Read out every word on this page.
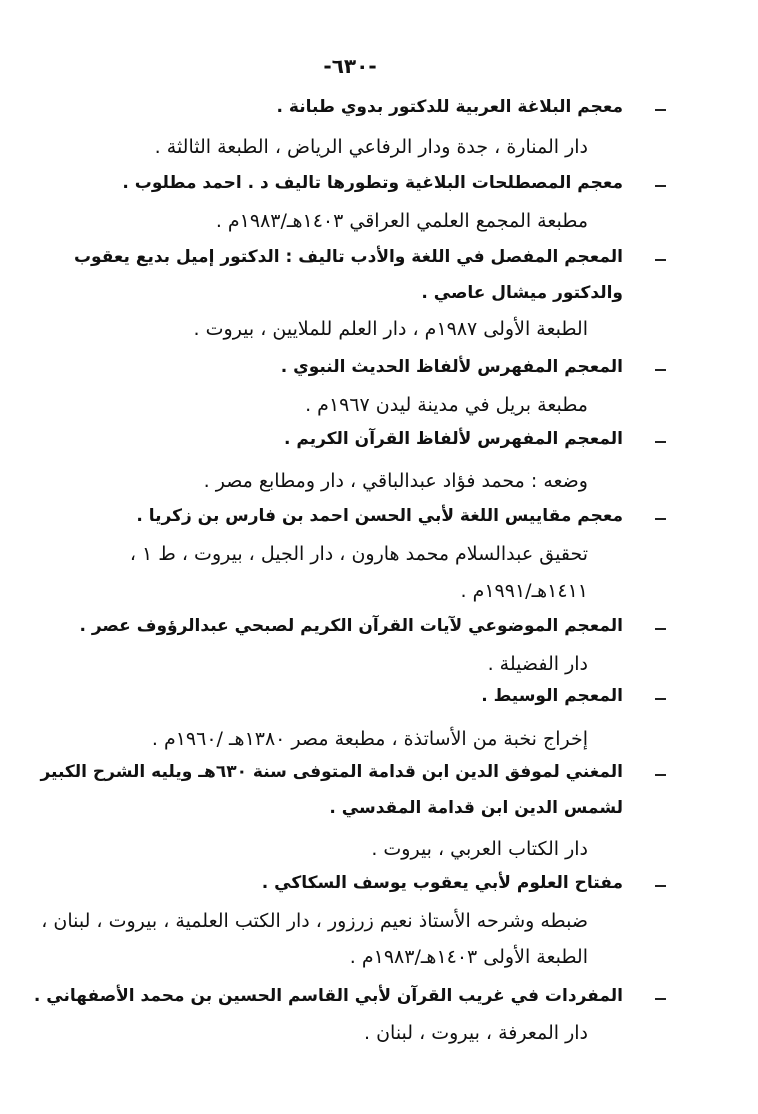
-٦٣٠-
معجم البلاغة العربية للدكتور بدوي طبانة .
دار المنارة ، جدة ودار الرفاعي الرياض ، الطبعة الثالثة .
معجم المصطلحات البلاغية وتطورها تاليف د . احمد مطلوب .
مطبعة المجمع العلمي العراقي ١٤٠٣هـ/١٩٨٣م .
المعجم المفصل في اللغة والأدب تاليف : الدكتور إميل بديع يعقوب
والدكتور ميشال عاصي .
الطبعة الأولى ١٩٨٧م ، دار العلم للملايين ، بيروت .
المعجم المفهرس لألفاظ الحديث النبوي .
مطبعة بريل في مدينة ليدن ١٩٦٧م .
المعجم المفهرس لألفاظ القرآن الكريم .
وضعه : محمد فؤاد عبدالباقي ، دار ومطابع مصر .
معجم مقاييس اللغة لأبي الحسن احمد بن فارس بن زكريا .
تحقيق عبدالسلام محمد هارون ، دار الجيل ، بيروت ، ط ١ ،
١٤١١هـ/١٩٩١م .
المعجم الموضوعي لآيات القرآن الكريم لصبحي عبدالرؤوف عصر .
دار الفضيلة .
المعجم الوسيط .
إخراج نخبة من الأساتذة ، مطبعة مصر ١٣٨٠هـ /١٩٦٠م .
المغني لموفق الدين ابن قدامة المتوفى سنة ٦٣٠هـ ويليه الشرح الكبير
لشمس الدين ابن قدامة المقدسي .
دار الكتاب العربي ، بيروت .
مفتاح العلوم لأبي يعقوب يوسف السكاكي .
ضبطه وشرحه الأستاذ نعيم زرزور ، دار الكتب العلمية ، بيروت ، لبنان ،
الطبعة الأولى ١٤٠٣هـ/١٩٨٣م .
المفردات في غريب القرآن لأبي القاسم الحسين بن محمد الأصفهاني .
دار المعرفة ، بيروت ، لبنان .
